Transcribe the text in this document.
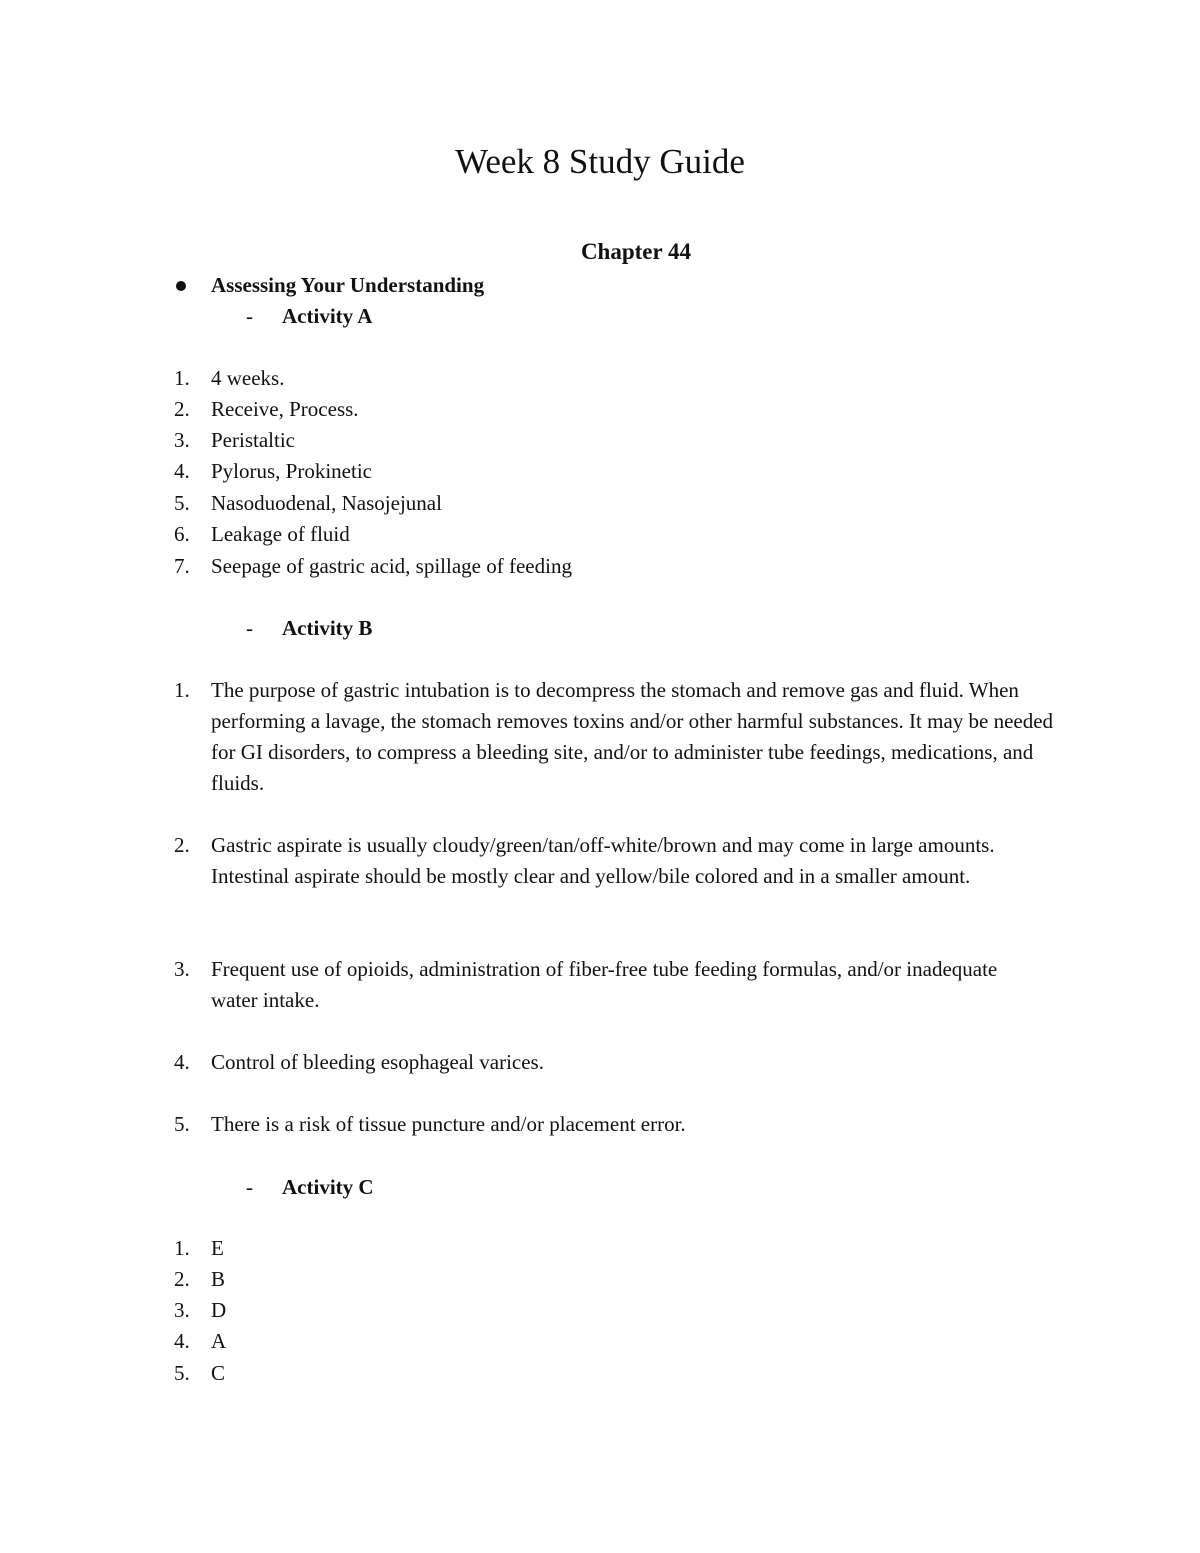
Week 8 Study Guide
Chapter 44
Assessing Your Understanding
- Activity A
1.	4 weeks.
2.	Receive, Process.
3.	Peristaltic
4.	Pylorus, Prokinetic
5.	Nasoduodenal, Nasojejunal
6.	Leakage of fluid
7.	Seepage of gastric acid, spillage of feeding
- Activity B
1.	The purpose of gastric intubation is to decompress the stomach and remove gas and fluid. When performing a lavage, the stomach removes toxins and/or other harmful substances. It may be needed for GI disorders, to compress a bleeding site, and/or to administer tube feedings, medications, and fluids.

2.	Gastric aspirate is usually cloudy/green/tan/off-white/brown and may come in large amounts. Intestinal aspirate should be mostly clear and yellow/bile colored and in a smaller amount.

3.	Frequent use of opioids, administration of fiber-free tube feeding formulas, and/or inadequate water intake.

4.	Control of bleeding esophageal varices.
5.	There is a risk of tissue puncture and/or placement error.
- Activity C
1.	E
2.	B
3.	D
4.	A
5.	C
